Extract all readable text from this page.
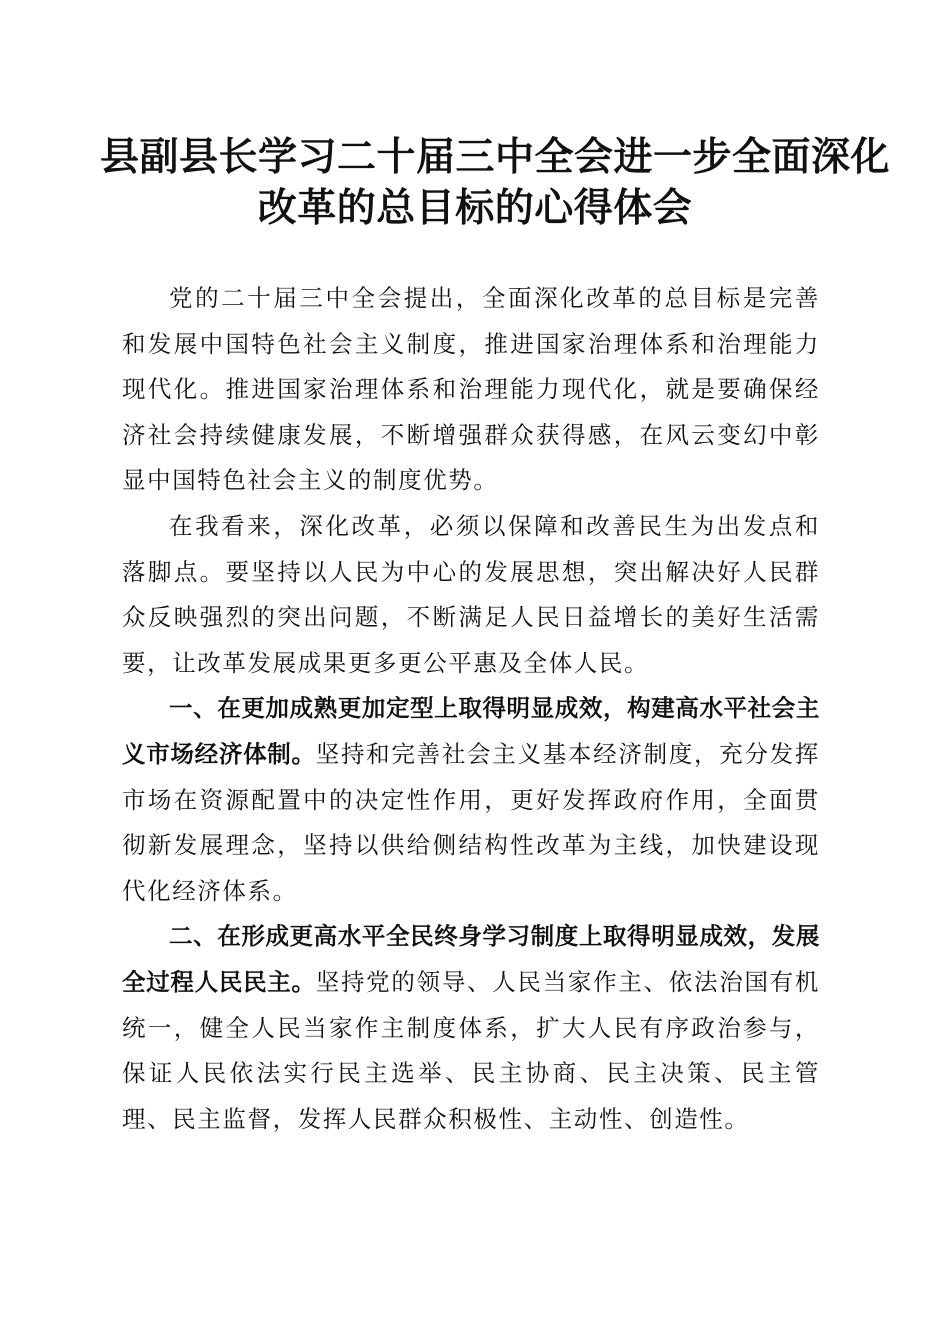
县副县长学习二十届三中全会进一步全面深化
改革的总目标的心得体会

党的二十届三中全会提出，全面深化改革的总目标是完善和发展中国特色社会主义制度，推进国家治理体系和治理能力现代化。推进国家治理体系和治理能力现代化，就是要确保经济社会持续健康发展，不断增强群众获得感，在风云变幻中彰显中国特色社会主义的制度优势。

在我看来，深化改革，必须以保障和改善民生为出发点和落脚点。要坚持以人民为中心的发展思想，突出解决好人民群众反映强烈的突出问题，不断满足人民日益增长的美好生活需要，让改革发展成果更多更公平惠及全体人民。

一、在更加成熟更加定型上取得明显成效，构建高水平社会主义市场经济体制。坚持和完善社会主义基本经济制度，充分发挥市场在资源配置中的决定性作用，更好发挥政府作用，全面贯彻新发展理念，坚持以供给侧结构性改革为主线，加快建设现代化经济体系。

二、在形成更高水平全民终身学习制度上取得明显成效，发展全过程人民民主。坚持党的领导、人民当家作主、依法治国有机统一，健全人民当家作主制度体系，扩大人民有序政治参与，保证人民依法实行民主选举、民主协商、民主决策、民主管理、民主监督，发挥人民群众积极性、主动性、创造性。
